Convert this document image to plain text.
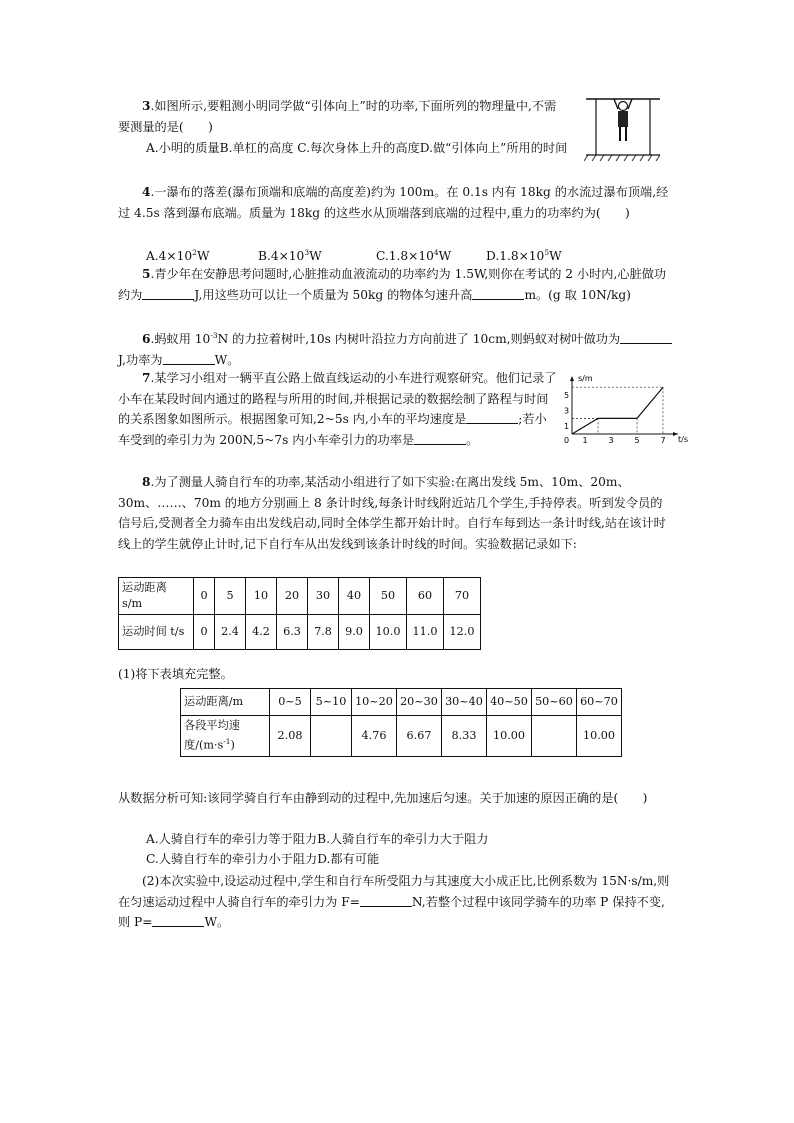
3.如图所示,要粗测小明同学做“引体向上”时的功率,下面所列的物理量中,不需要测量的是(　　)

A.小明的质量B.单杠的高度 C.每次身体上升的高度D.做“引体向上”所用的时间

4.一瀑布的落差(瀑布顶端和底端的高度差)约为 100m。在 0.1s 内有 18kg 的水流过瀑布顶端,经过 4.5s 落到瀑布底端。质量为 18kg 的这些水从顶端落到底端的过程中,重力的功率约为(　　)

$A.4\times 10^2W$	$B.4\times 10^3W$	$C.1.8\times 10^4W$	$D.1.8\times 10^5W$

5.青少年在安静思考问题时,心脏推动血液流动的功率约为 1.5W,则你在考试的 2 小时内,心脏做功约为	J,用这些功可以让一个质量为 50kg 的物体匀速升高	m。(g 取 10N/kg)

6.蚂蚁用 $10^{-3}N$ 的力拉着树叶,10s 内树叶沿拉力方向前进了 10cm,则蚂蚁对树叶做功为J,功率为	W。

7.某学习小组对一辆平直公路上做直线运动的小车进行观察研究。他们记录了小车在某段时间内通过的路程与所用的时间,并根据记录的数据绘制了路程与时间的关系图象如图所示。根据图象可知,2~5s 内,小车的平均速度是	;若小车受到的牵引力为 200N,5~7s 内小车牵引力的功率是	。

s/m
t/s
1
3
5
0 1	3	5	7

8.为了测量人骑自行车的功率,某活动小组进行了如下实验:在离出发线 5m、10m、20m、30m、……、70m 的地方分别画上 8 条计时线,每条计时线附近站几个学生,手持停表。听到发令员的信号后,受测者全力骑车由出发线启动,同时全体学生都开始计时。自行车每到达一条计时线,站在该计时线上的学生就停止计时,记下自行车从出发线到该条计时线的时间。实验数据记录如下:

运动距离 s/m	0	5	10	20	30	40	50	60	70
运动时间 t/s	0	2.4	4.2	6.3	7.8	9.0	10.0	11.0	12.0

(1)将下表填充完整。

运动距离/m	0~5	5~10	10~20	20~30	30~40	40~50	50~60	60~70
各段平均速度$/(m\cdot s^{-1})$	2.08		4.76	6.67	8.33	10.00		10.00

从数据分析可知:该同学骑自行车由静到动的过程中,先加速后匀速。关于加速的原因正确的是(　　)

A.人骑自行车的牵引力等于阻力B.人骑自行车的牵引力大于阻力

C.人骑自行车的牵引力小于阻力D.都有可能

(2)本次实验中,设运动过程中,学生和自行车所受阻力与其速度大小成正比,比例系数为 15N·s/m,则在匀速运动过程中人骑自行车的牵引力为 F=	N,若整个过程中该同学骑车的功率 P 保持不变,则 P=	W。
